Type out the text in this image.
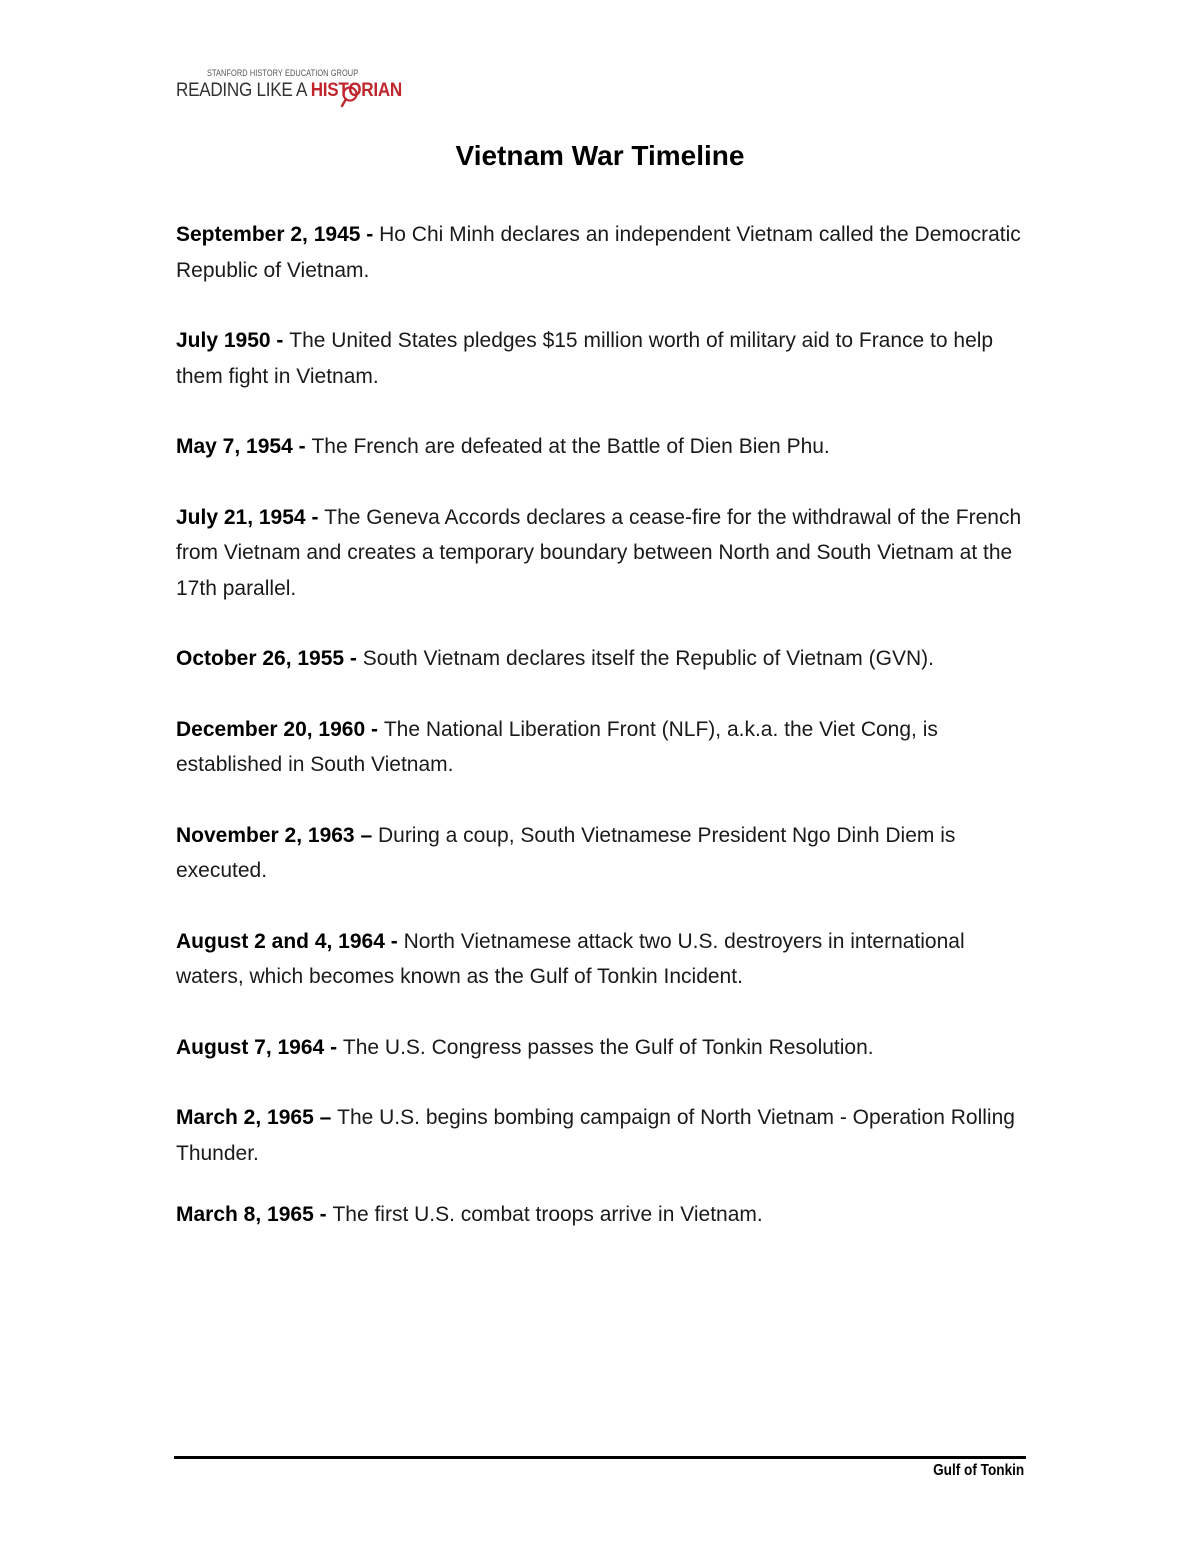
STANFORD HISTORY EDUCATION GROUP
READING LIKE A HISTORIAN
Vietnam War Timeline
September 2, 1945 - Ho Chi Minh declares an independent Vietnam called the Democratic Republic of Vietnam.
July 1950 - The United States pledges $15 million worth of military aid to France to help them fight in Vietnam.
May 7, 1954 - The French are defeated at the Battle of Dien Bien Phu.
July 21, 1954 - The Geneva Accords declares a cease-fire for the withdrawal of the French from Vietnam and creates a temporary boundary between North and South Vietnam at the 17th parallel.
October 26, 1955 - South Vietnam declares itself the Republic of Vietnam (GVN).
December 20, 1960 - The National Liberation Front (NLF), a.k.a. the Viet Cong, is established in South Vietnam.
November 2, 1963 – During a coup, South Vietnamese President Ngo Dinh Diem is executed.
August 2 and 4, 1964 - North Vietnamese attack two U.S. destroyers in international waters, which becomes known as the Gulf of Tonkin Incident.
August 7, 1964 - The U.S. Congress passes the Gulf of Tonkin Resolution.
March 2, 1965 – The U.S. begins bombing campaign of North Vietnam - Operation Rolling Thunder.
March 8, 1965 - The first U.S. combat troops arrive in Vietnam.
Gulf of Tonkin
